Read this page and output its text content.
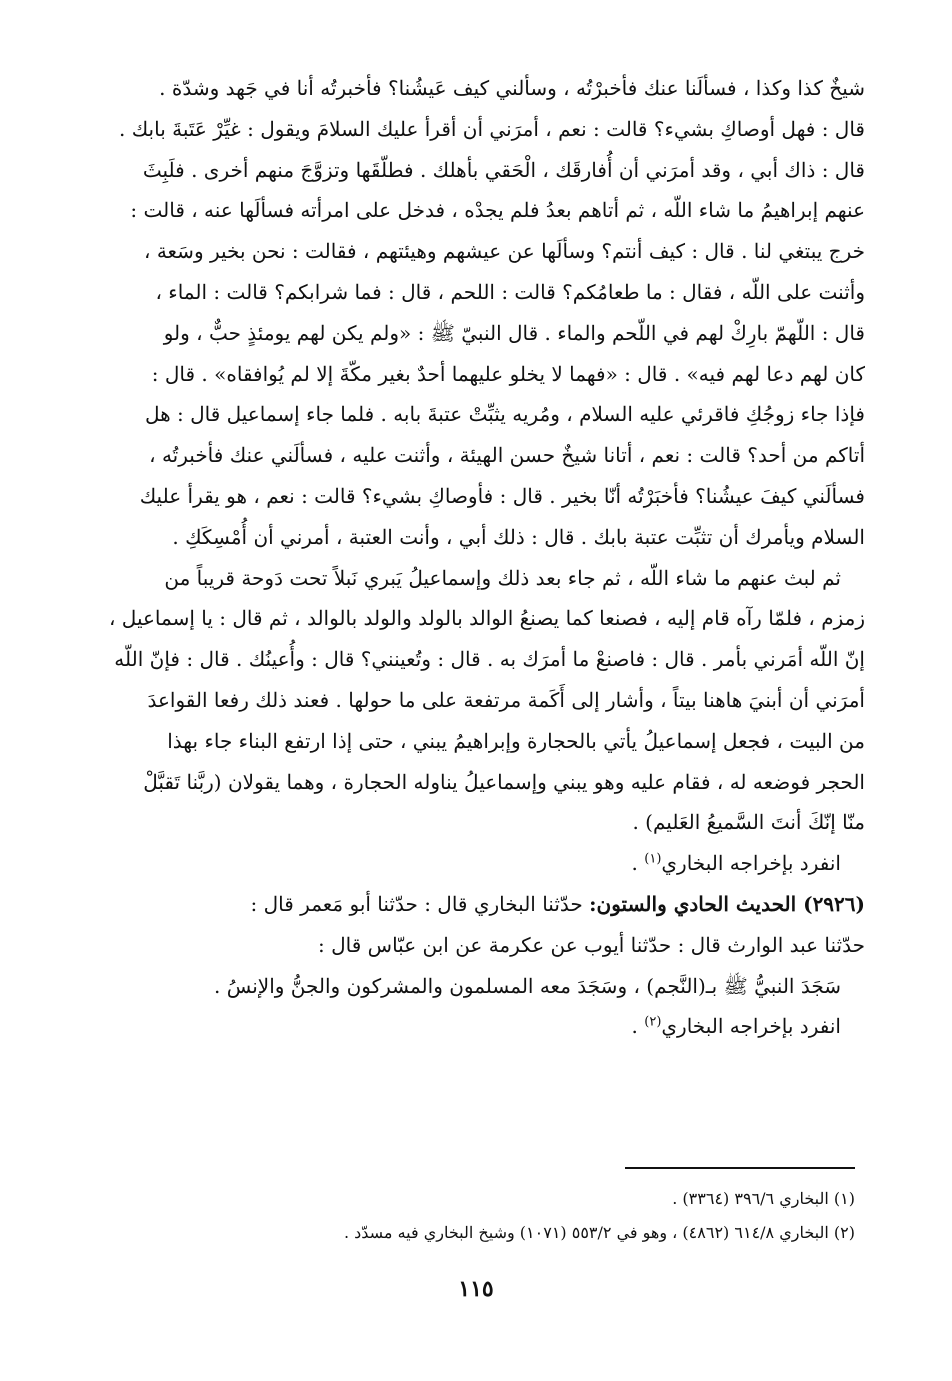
شيخٌ كذا وكذا ، فسألَنا عنك فأخبرْتُه ، وسألني كيف عَيشُنا؟ فأخبرتُه أنا في جَهد وشدّة .
قال : فهل أوصاكِ بشيء؟ قالت : نعم ، أمرَني أن أقرأ عليك السلامَ ويقول : غيِّرْ عَتَبةَ بابك .
قال : ذاك أبي ، وقد أمرَني أن أُفارقَك ، الْحَقي بأهلك . فطلّقَها وتزوَّجَ منهم أخرى . فلَبِثَ
عنهم إبراهيمُ ما شاء اللّه ، ثم أتاهم بعدُ فلم يجدْه ، فدخل على امرأته فسألَها عنه ، قالت :
خرج يبتغي لنا . قال : كيف أنتم؟ وسألَها عن عيشهم وهيئتهم ، فقالت : نحن بخير وسَعة ،
وأثنت على اللّه ، فقال : ما طعامُكم؟ قالت : اللحم ، قال : فما شرابكم؟ قالت : الماء ،
قال : اللّهمّ بارِكْ لهم في اللّحم والماء . قال النبيّ ﷺ : «ولم يكن لهم يومئذٍ حبٌّ ، ولو
كان لهم دعا لهم فيه» . قال : «فهما لا يخلو عليهما أحدٌ بغير مكّةَ إلا لم يُوافقاه» . قال :
فإذا جاء زوجُكِ فاقرئي عليه السلام ، ومُريه يثبِّتْ عتبةَ بابه . فلما جاء إسماعيل قال : هل
أتاكم من أحد؟ قالت : نعم ، أتانا شيخٌ حسن الهيئة ، وأثنت عليه ، فسألَني عنك فأخبرتُه ،
فسألَني كيفَ عيشُنا؟ فأخبَرْتُه أنّا بخير . قال : فأوصاكِ بشيء؟ قالت : نعم ، هو يقرأ عليك
السلام ويأمرك أن تثبِّت عتبة بابك . قال : ذلك أبي ، وأنت العتبة ، أمرني أن أُمْسِكَكِ .
ثم لبث عنهم ما شاء اللّه ، ثم جاء بعد ذلك وإسماعيلُ يَبري نَبلاً تحت دَوحة قريباً من
زمزم ، فلمّا رآه قام إليه ، فصنعا كما يصنعُ الوالد بالولد والولد بالوالد ، ثم قال : يا إسماعيل ،
إنّ اللّه أمَرني بأمر . قال : فاصنعْ ما أمرَك به . قال : وتُعينني؟ قال : وأُعينُك . قال : فإنّ اللّه
أمرَني أن أبنيَ هاهنا بيتاً ، وأشار إلى أَكَمة مرتفعة على ما حولها . فعند ذلك رفعا القواعدَ
من البيت ، فجعل إسماعيلُ يأتي بالحجارة وإبراهيمُ يبني ، حتى إذا ارتفع البناء جاء بهذا
الحجر فوضعه له ، فقام عليه وهو يبني وإسماعيلُ يناوله الحجارة ، وهما يقولان (ربَّنا تَقبَّلْ
منّا إنّكَ أنتَ السَّميعُ العَليم) .
انفرد بإخراجه البخاري$^{(١)}$ .
(٢٩٢٦) الحديث الحادي والستون: حدّثنا البخاري قال : حدّثنا أبو مَعمر قال :
حدّثنا عبد الوارث قال : حدّثنا أيوب عن عكرمة عن ابن عبّاس قال :
سَجَدَ النبيُّ ﷺ بـ(النَّجم) ، وسَجَدَ معه المسلمون والمشركون والجنُّ والإنسُ .
انفرد بإخراجه البخاري$^{(٢)}$ .
(١) البخاري ٣٩٦/٦ (٣٣٦٤) .
(٢) البخاري ٦١٤/٨ (٤٨٦٢) ، وهو في ٥٥٣/٢ (١٠٧١) وشيخ البخاري فيه مسدّد .
١١٥
